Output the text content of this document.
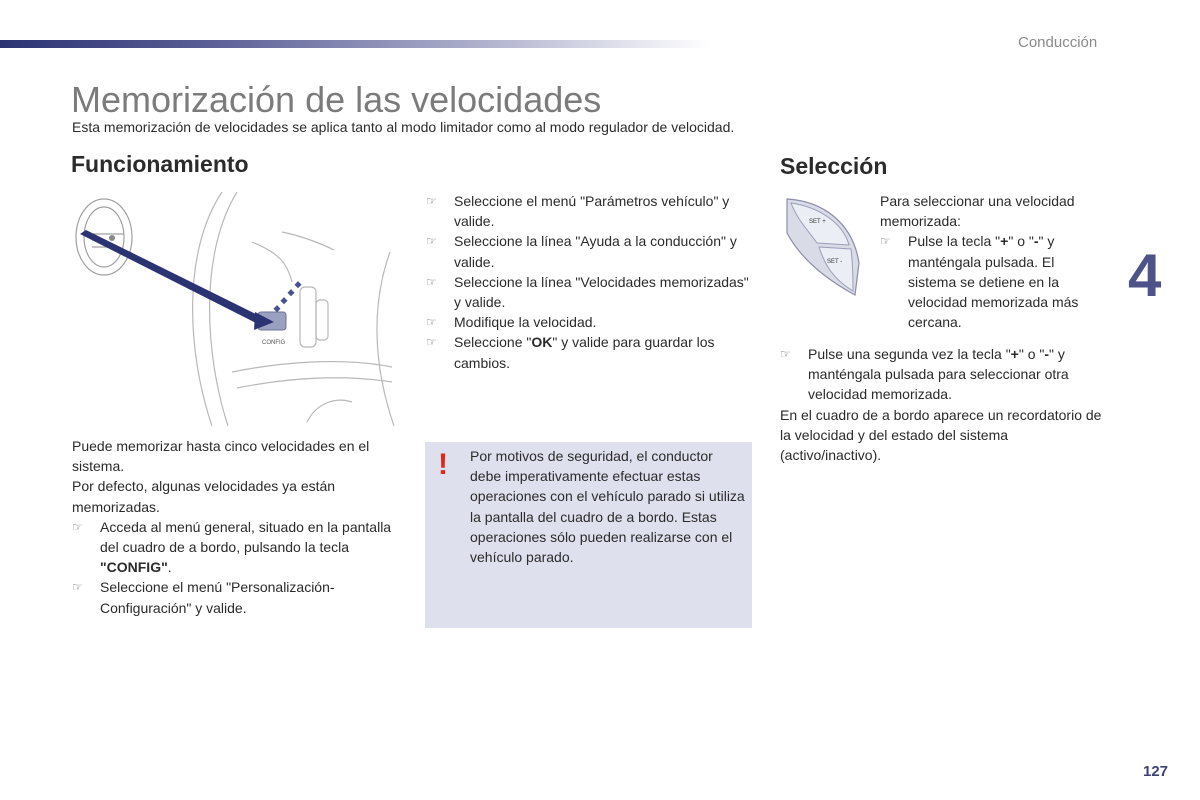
Conducción
4
127
Memorización de las velocidades
Esta memorización de velocidades se aplica tanto al modo limitador como al modo regulador de velocidad.
Funcionamiento
CONFIG

Puede memorizar hasta cinco velocidades en el sistema.

Por defecto, algunas velocidades ya están memorizadas.

☞ Acceda al menú general, situado en la pantalla del cuadro de a bordo, pulsando la tecla "CONFIG".
☞ Seleccione el menú "Personalización-Configuración" y valide.
☞ Seleccione el menú "Parámetros vehículo" y valide.
☞ Seleccione la línea "Ayuda a la conducción" y valide.
☞ Seleccione la línea "Velocidades memorizadas" y valide.
☞ Modifique la velocidad.
☞ Seleccione "OK" y valide para guardar los cambios.
! Por motivos de seguridad, el conductor debe imperativamente efectuar estas operaciones con el vehículo parado si utiliza la pantalla del cuadro de a bordo. Estas operaciones sólo pueden realizarse con el vehículo parado.
Selección
SET +
SET -

Para seleccionar una velocidad memorizada:

☞ Pulse la tecla "+" o "-" y manténgala pulsada. El sistema se detiene en la velocidad memorizada más cercana.
☞ Pulse una segunda vez la tecla "+" o "-" y manténgala pulsada para seleccionar otra velocidad memorizada.

En el cuadro de a bordo aparece un recordatorio de la velocidad y del estado del sistema (activo/inactivo).
